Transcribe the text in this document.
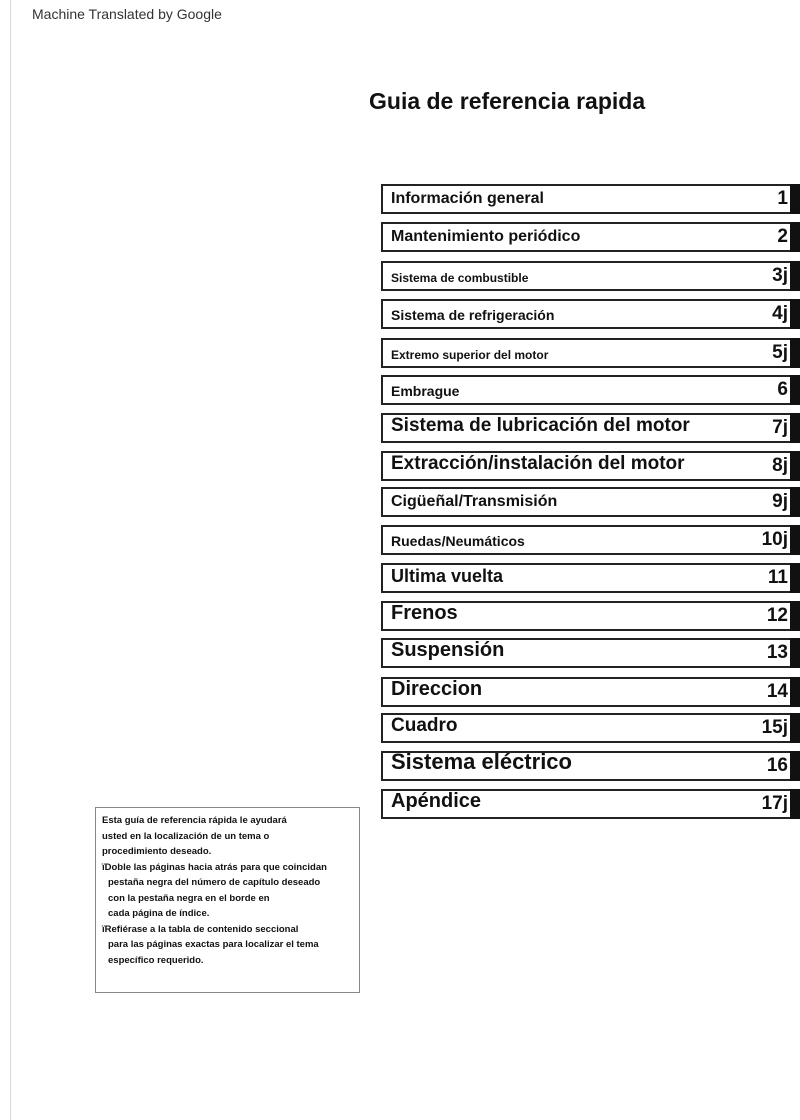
Machine Translated by Google
Guia de referencia rapida
Información general	1
Mantenimiento periódico	2
Sistema de combustible	3j
Sistema de refrigeración	4j
Extremo superior del motor	5j
Embrague	6
Sistema de lubricación del motor	7j
Extracción/instalación del motor	8j
Cigüeñal/Transmisión	9j
Ruedas/Neumáticos	10j
Ultima vuelta	11
Frenos	12
Suspensión	13
Direccion	14
Cuadro	15j
Sistema eléctrico	16
Apéndice	17j
Esta guía de referencia rápida le ayudará
usted en la localización de un tema o
procedimiento deseado.
ïDoble las páginas hacia atrás para que coincidan
pestaña negra del número de capítulo deseado
con la pestaña negra en el borde en
cada página de índice.
ïRefiérase a la tabla de contenido seccional
para las páginas exactas para localizar el tema
específico requerido.
